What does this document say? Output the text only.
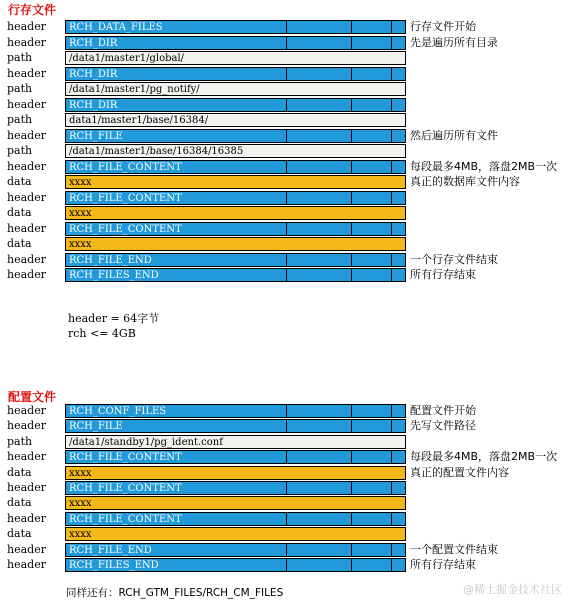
行存文件
header RCH_DATA_FILES	行存文件开始
header RCH_DIR	先是遍历所有目录
path	/data1/master1/global/
header RCH_DIR
path	/data1/master1/pg_notify/
header RCH_DIR
path	data1/master1/base/16384/
header RCH_FILE	然后遍历所有文件
path	/data1/master1/base/16384/16385
header RCH_FILE_CONTENT	每段最多4MB，落盘2MB一次
data	xxxx	真正的数据库文件内容
header RCH_FILE_CONTENT
data	xxxx
header RCH_FILE_CONTENT
data	xxxx
header RCH_FILE_END	一个行存文件结束
header RCH_FILES_END	所有行存结束
header = 64字节
rch <= 4GB
配置文件
header RCH_CONF_FILES	配置文件开始
header RCH_FILE	先写文件路径
path	/data1/standby1/pg_ident.conf
header RCH_FILE_CONTENT	每段最多4MB，落盘2MB一次
data	xxxx	真正的配置文件内容
header RCH_FILE_CONTENT
data	xxxx
header RCH_FILE_CONTENT
data	xxxx
header RCH_FILE_END	一个配置文件结束
header RCH_FILES_END	所有行存结束
同样还有：RCH_GTM_FILES/RCH_CM_FILES	@稀土掘金技术社区
